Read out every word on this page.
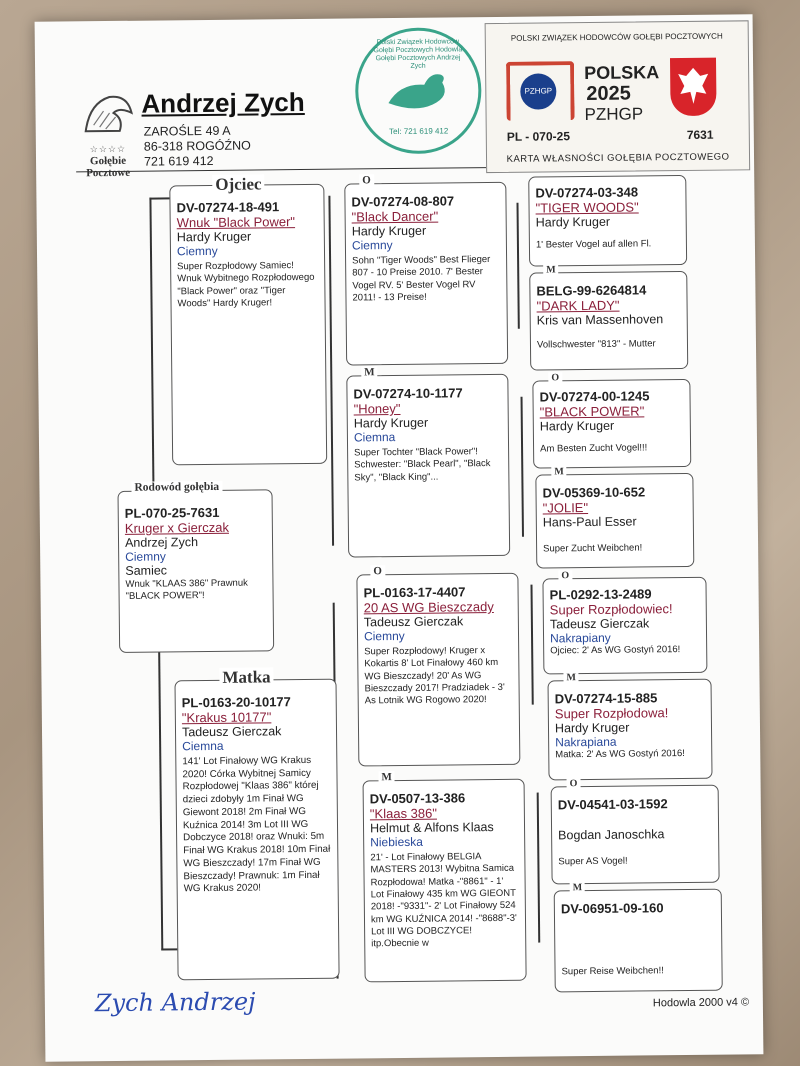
☆☆☆☆
Gołębie
Pocztowe
Andrzej Zych
ZAROŚLE 49 A
86-318 ROGÓŹNO
721 619 412
Polski Związek Hodowców Gołębi Pocztowych Hodowla Gołębi Pocztowych Andrzej Zych
Tel: 721 619 412
POLSKI ZWIĄZEK HODOWCÓW GOŁĘBI POCZTOWYCH
PZHGP
POLSKA
2025
PZHGP
PL - 070-25	7631
KARTA WŁASNOŚCI GOŁĘBIA POCZTOWEGO
DV-07274-18-491
Wnuk "Black Power"
Hardy Kruger
Ciemny
Super Rozpłodowy Samiec! Wnuk Wybitnego Rozpłodowego "Black Power" oraz "Tiger Woods" Hardy Kruger!
Ojciec
PL-070-25-7631
Kruger x Gierczak
Andrzej Zych
Ciemny
Samiec
Wnuk "KLAAS 386" Prawnuk "BLACK POWER"!
Rodowód gołębia
PL-0163-20-10177
"Krakus 10177"
Tadeusz Gierczak
Ciemna
141' Lot Finałowy WG Krakus 2020! Córka Wybitnej Samicy Rozpłodowej "Klaas 386" której dzieci zdobyły 1m Finał WG Giewont 2018! 2m Finał WG Kuźnica 2014! 3m Lot III WG Dobczyce 2018! oraz Wnuki: 5m Finał WG Krakus 2018! 10m Finał WG Bieszczady! 17m Finał WG Bieszczady! Prawnuk: 1m Finał WG Krakus 2020!
Matka
DV-07274-08-807
"Black Dancer"
Hardy Kruger
Ciemny
Sohn "Tiger Woods" Best Flieger 807 - 10 Preise 2010. 7' Bester Vogel RV. 5' Bester Vogel RV 2011! - 13 Preise!
O
DV-07274-10-1177
"Honey"
Hardy Kruger
Ciemna
Super Tochter "Black Power"! Schwester: "Black Pearl", "Black Sky", "Black King"...
M
PL-0163-17-4407
20 AS WG Bieszczady
Tadeusz Gierczak
Ciemny
Super Rozpłodowy! Kruger x Kokartis 8' Lot Finałowy 460 km WG Bieszczady! 20' As WG Bieszczady 2017! Pradziadek - 3' As Lotnik WG Rogowo 2020!
O
DV-0507-13-386
"Klaas 386"
Helmut & Alfons Klaas
Niebieska
21' - Lot Finałowy BELGIA MASTERS 2013! Wybitna Samica Rozpłodowa! Matka -"8861" - 1' Lot Finałowy 435 km WG GIEONT 2018! -"9331"- 2' Lot Finałowy 524 km WG KUŹNICA 2014! -"8688"-3' Lot III WG DOBCZYCE! itp.Obecnie w
M
DV-07274-03-348
"TIGER WOODS"
Hardy Kruger
1' Bester Vogel auf allen Fl.
BELG-99-6264814
"DARK LADY"
Kris van Massenhoven
Vollschwester "813" - Mutter
M
DV-07274-00-1245
"BLACK POWER"
Hardy Kruger
Am Besten Zucht Vogel!!!
O
DV-05369-10-652
"JOLIE"
Hans-Paul Esser
Super Zucht Weibchen!
M
PL-0292-13-2489
Super Rozpłodowiec!
Tadeusz Gierczak
Nakrapiany
Ojciec: 2' As WG Gostyń 2016!
O
DV-07274-15-885
Super Rozpłodowa!
Hardy Kruger
Nakrapiana
Matka: 2' As WG Gostyń 2016!
M
DV-04541-03-1592
Bogdan Janoschka
Super AS Vogel!
O
DV-06951-09-160
Super Reise Weibchen!!
M
Zych Andrzej	Hodowla 2000 v4 ©
